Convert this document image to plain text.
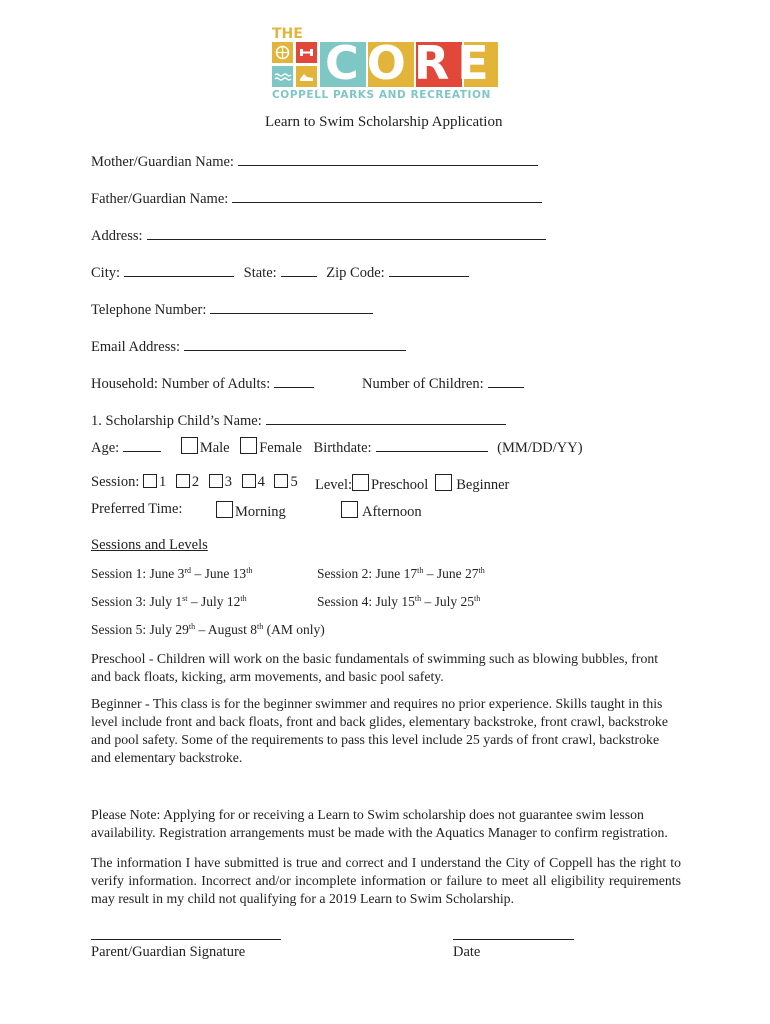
THE
CORE
COPPELL PARKS AND RECREATION
Learn to Swim Scholarship Application
Mother/Guardian Name:
Father/Guardian Name:
Address:
City:	State:	Zip Code:
Telephone Number:
Email Address:
Household: Number of Adults:	Number of Children:
1. Scholarship Child’s Name:
Age:	Male Female Birthdate:	(MM/DD/YY)
Session: 1 2 3 4 5 Level: Preschool Beginner
Preferred Time:	Morning	Afternoon
Sessions and Levels
Session 1: June 3rd – June 13th	Session 2: June 17th – June 27th
Session 3: July 1st – July 12th	Session 4: July 15th – July 25th
Session 5: July 29th – August 8th (AM only)
Preschool - Children will work on the basic fundamentals of swimming such as blowing bubbles, front and back floats, kicking, arm movements, and basic pool safety.
Beginner - This class is for the beginner swimmer and requires no prior experience. Skills taught in this level include front and back floats, front and back glides, elementary backstroke, front crawl, backstroke and pool safety. Some of the requirements to pass this level include 25 yards of front crawl, backstroke and elementary backstroke.
Please Note: Applying for or receiving a Learn to Swim scholarship does not guarantee swim lesson availability. Registration arrangements must be made with the Aquatics Manager to confirm registration.
The information I have submitted is true and correct and I understand the City of Coppell has the right to verify information. Incorrect and/or incomplete information or failure to meet all eligibility requirements may result in my child not qualifying for a 2019 Learn to Swim Scholarship.
Parent/Guardian Signature	Date
